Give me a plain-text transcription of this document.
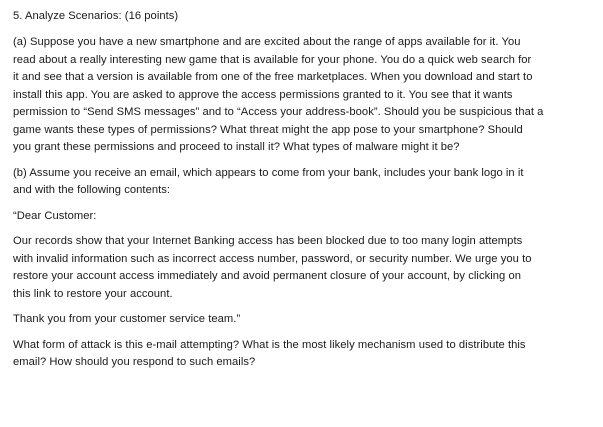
5. Analyze Scenarios: (16 points)

(a) Suppose you have a new smartphone and are excited about the range of apps available for it. You
read about a really interesting new game that is available for your phone. You do a quick web search for
it and see that a version is available from one of the free marketplaces. When you download and start to
install this app. You are asked to approve the access permissions granted to it. You see that it wants
permission to “Send SMS messages” and to “Access your address-book”. Should you be suspicious that a
game wants these types of permissions? What threat might the app pose to your smartphone? Should
you grant these permissions and proceed to install it? What types of malware might it be?

(b) Assume you receive an email, which appears to come from your bank, includes your bank logo in it
and with the following contents:

“Dear Customer:

Our records show that your Internet Banking access has been blocked due to too many login attempts
with invalid information such as incorrect access number, password, or security number. We urge you to
restore your account access immediately and avoid permanent closure of your account, by clicking on
this link to restore your account.

Thank you from your customer service team.”

What form of attack is this e-mail attempting? What is the most likely mechanism used to distribute this
email? How should you respond to such emails?
